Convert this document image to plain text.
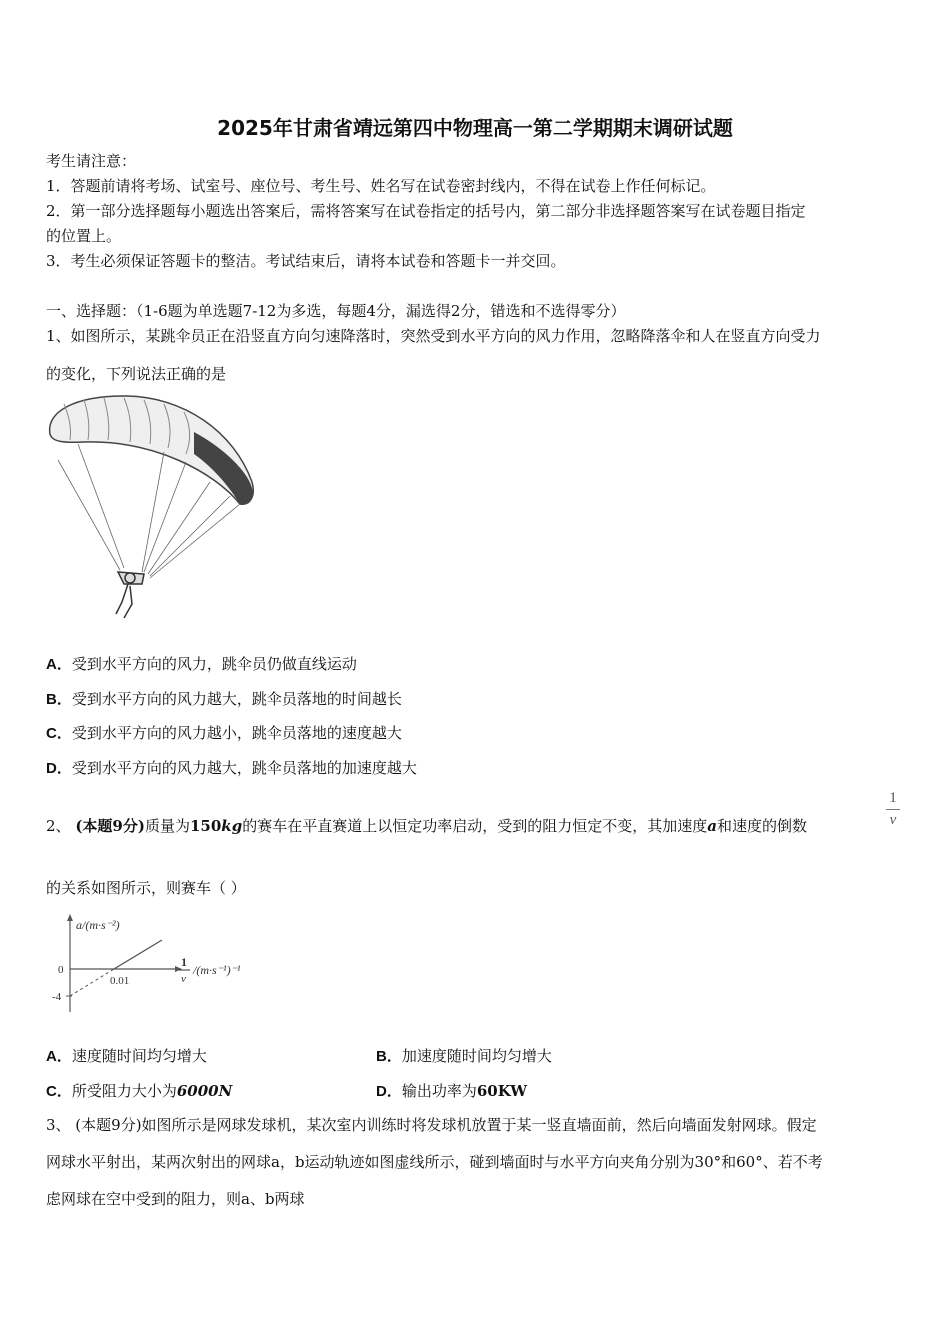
2025年甘肃省靖远第四中物理高一第二学期期末调研试题
考生请注意：
1．答题前请将考场、试室号、座位号、考生号、姓名写在试卷密封线内，不得在试卷上作任何标记。
2．第一部分选择题每小题选出答案后，需将答案写在试卷指定的括号内，第二部分非选择题答案写在试卷题目指定
的位置上。
3．考生必须保证答题卡的整洁。考试结束后，请将本试卷和答题卡一并交回。
一、选择题：（1-6题为单选题7-12为多选，每题4分，漏选得2分，错选和不选得零分）
1、如图所示，某跳伞员正在沿竖直方向匀速降落时，突然受到水平方向的风力作用，忽略降落伞和人在竖直方向受力
的变化，下列说法正确的是
A．受到水平方向的风力，跳伞员仍做直线运动
B．受到水平方向的风力越大，跳伞员落地的时间越长
C．受到水平方向的风力越小，跳伞员落地的速度越大
D．受到水平方向的风力越大，跳伞员落地的加速度越大
2、 (本题9分)质量为150kg的赛车在平直赛道上以恒定功率启动，受到的阻力恒定不变，其加速度a和速度的倒数
1
v
的关系如图所示，则赛车（ ）
a/(m·s⁻²)
0
-4
0.01
1
v
/(m·s⁻¹)⁻¹
A．速度随时间均匀增大	B．加速度随时间均匀增大
C．所受阻力大小为6000N	D．输出功率为60KW
3、 (本题9分)如图所示是网球发球机，某次室内训练时将发球机放置于某一竖直墙面前，然后向墙面发射网球。假定
网球水平射出，某两次射出的网球a，b运动轨迹如图虚线所示，碰到墙面时与水平方向夹角分别为30°和60°、若不考
虑网球在空中受到的阻力，则a、b两球
